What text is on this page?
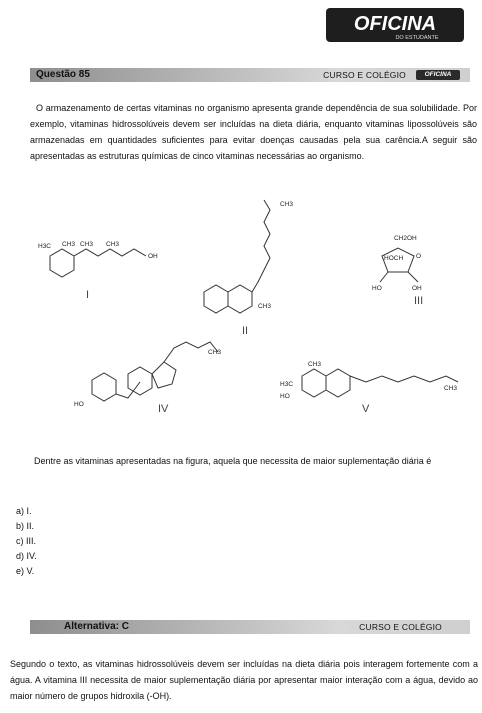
OFICINA
DO ESTUDANTE
Questão 85	CURSO E COLÉGIO	OFICINA
O armazenamento de certas vitaminas no organismo apresenta grande dependência de sua solubilidade. Por exemplo, vitaminas hidrossolúveis devem ser incluídas na dieta diária, enquanto vitaminas lipossolúveis são armazenadas em quantidades suficientes para evitar doenças causadas pela sua carência.A seguir são apresentadas as estruturas químicas de cinco vitaminas necessárias ao organismo.
H3C CH3 CH3 CH3
OH
CH3
CH3
CH2OH
HOCH O
HO	OH
HO
CH3
H3C
HO
CH3
CH3
I
II
III
IV	V
Dentre as vitaminas apresentadas na figura, aquela que necessita de maior suplementação diária é
a) I.
b) II.
c) III.
d) IV.
e) V.
Alternativa: C	CURSO E COLÉGIO
Segundo o texto, as vitaminas hidrossolúveis devem ser incluídas na dieta diária pois interagem fortemente com a água. A vitamina III necessita de maior suplementação diária por apresentar maior interação com a água, devido ao maior número de grupos hidroxila (-OH).
